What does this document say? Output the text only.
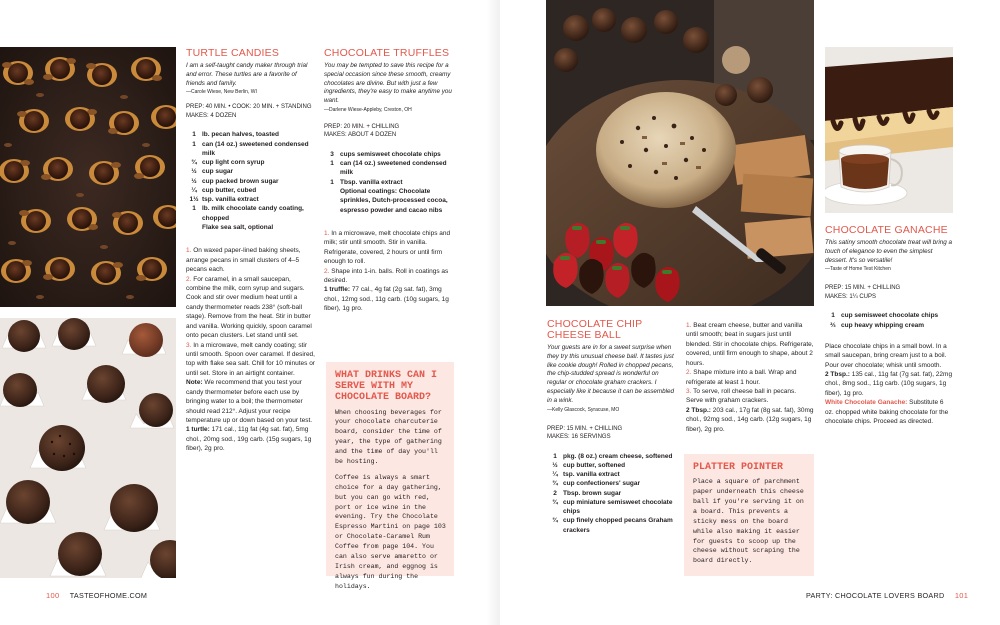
TURTLE CANDIES
I am a self-taught candy maker through trial and error. These turtles are a favorite of friends and family.
—Carole Wiese, New Berlin, WI
PREP: 40 MIN. • COOK: 20 MIN. + STANDING
MAKES: 4 DOZEN
1 lb. pecan halves, toasted
1 can (14 oz.) sweetened condensed milk
¾ cup light corn syrup
½ cup sugar
½ cup packed brown sugar
¼ cup butter, cubed
1½ tsp. vanilla extract
1 lb. milk chocolate candy coating, chopped
Flake sea salt, optional
1. On waxed paper-lined baking sheets, arrange pecans in small clusters of 4–5 pecans each.
2. For caramel, in a small saucepan, combine the milk, corn syrup and sugars. Cook and stir over medium heat until a candy thermometer reads 238° (soft-ball stage). Remove from the heat. Stir in butter and vanilla. Working quickly, spoon caramel onto pecan clusters. Let stand until set.
3. In a microwave, melt candy coating; stir until smooth. Spoon over caramel. If desired, top with flake sea salt. Chill for 10 minutes or until set. Store in an airtight container.
Note: We recommend that you test your candy thermometer before each use by bringing water to a boil; the thermometer should read 212°. Adjust your recipe temperature up or down based on your test.
1 turtle: 171 cal., 11g fat (4g sat. fat), 5mg chol., 20mg sod., 19g carb. (15g sugars, 1g fiber), 2g pro.
CHOCOLATE TRUFFLES
You may be tempted to save this recipe for a special occasion since these smooth, creamy chocolates are divine. But with just a few ingredients, they're easy to make anytime you want.
—Darlene Wiese-Appleby, Creston, OH
PREP: 20 MIN. + CHILLING
MAKES: ABOUT 4 DOZEN
3 cups semisweet chocolate chips
1 can (14 oz.) sweetened condensed milk
1 Tbsp. vanilla extract
Optional coatings: Chocolate sprinkles, Dutch-processed cocoa, espresso powder and cacao nibs
1. In a microwave, melt chocolate chips and milk; stir until smooth. Stir in vanilla. Refrigerate, covered, 2 hours or until firm enough to roll.
2. Shape into 1-in. balls. Roll in coatings as desired.
1 truffle: 77 cal., 4g fat (2g sat. fat), 3mg chol., 12mg sod., 11g carb. (10g sugars, 1g fiber), 1g pro.
WHAT DRINKS CAN I SERVE WITH MY CHOCOLATE BOARD?
When choosing beverages for your chocolate charcuterie board, consider the time of year, the type of gathering and the time of day you'll be hosting.
Coffee is always a smart choice for a day gathering, but you can go with red, port or ice wine in the evening. Try the Chocolate Espresso Martini on page 103 or Chocolate-Caramel Rum Coffee from page 104. You can also serve amaretto or Irish cream, and eggnog is always fun during the holidays.
100 TASTEOFHOME.COM
CHOCOLATE CHIP CHEESE BALL
Your guests are in for a sweet surprise when they try this unusual cheese ball. It tastes just like cookie dough! Rolled in chopped pecans, the chip-studded spread is wonderful on regular or chocolate graham crackers. I especially like it because it can be assembled in a wink.
—Kelly Glascock, Syracuse, MO
PREP: 15 MIN. + CHILLING
MAKES: 16 SERVINGS
1 pkg. (8 oz.) cream cheese, softened
½ cup butter, softened
¼ tsp. vanilla extract
¾ cup confectioners' sugar
2 Tbsp. brown sugar
¾ cup miniature semisweet chocolate chips
¾ cup finely chopped pecans Graham crackers
1. Beat cream cheese, butter and vanilla until smooth; beat in sugars just until blended. Stir in chocolate chips. Refrigerate, covered, until firm enough to shape, about 2 hours.
2. Shape mixture into a ball. Wrap and refrigerate at least 1 hour.
3. To serve, roll cheese ball in pecans. Serve with graham crackers.
2 Tbsp.: 203 cal., 17g fat (8g sat. fat), 30mg chol., 92mg sod., 14g carb. (12g sugars, 1g fiber), 2g pro.
PLATTER POINTER
Place a square of parchment paper underneath this cheese ball if you're serving it on a board. This prevents a sticky mess on the board while also making it easier for guests to scoop up the cheese without scraping the board directly.
CHOCOLATE GANACHE
This satiny smooth chocolate treat will bring a touch of elegance to even the simplest dessert. It's so versatile!
—Taste of Home Test Kitchen
PREP: 15 MIN. + CHILLING
MAKES: 1¼ CUPS
1 cup semisweet chocolate chips
⅔ cup heavy whipping cream
Place chocolate chips in a small bowl. In a small saucepan, bring cream just to a boil. Pour over chocolate; whisk until smooth.
2 Tbsp.: 135 cal., 11g fat (7g sat. fat), 22mg chol., 8mg sod., 11g carb. (10g sugars, 1g fiber), 1g pro.
White Chocolate Ganache: Substitute 6 oz. chopped white baking chocolate for the chocolate chips. Proceed as directed.
PARTY: CHOCOLATE LOVERS BOARD 101
